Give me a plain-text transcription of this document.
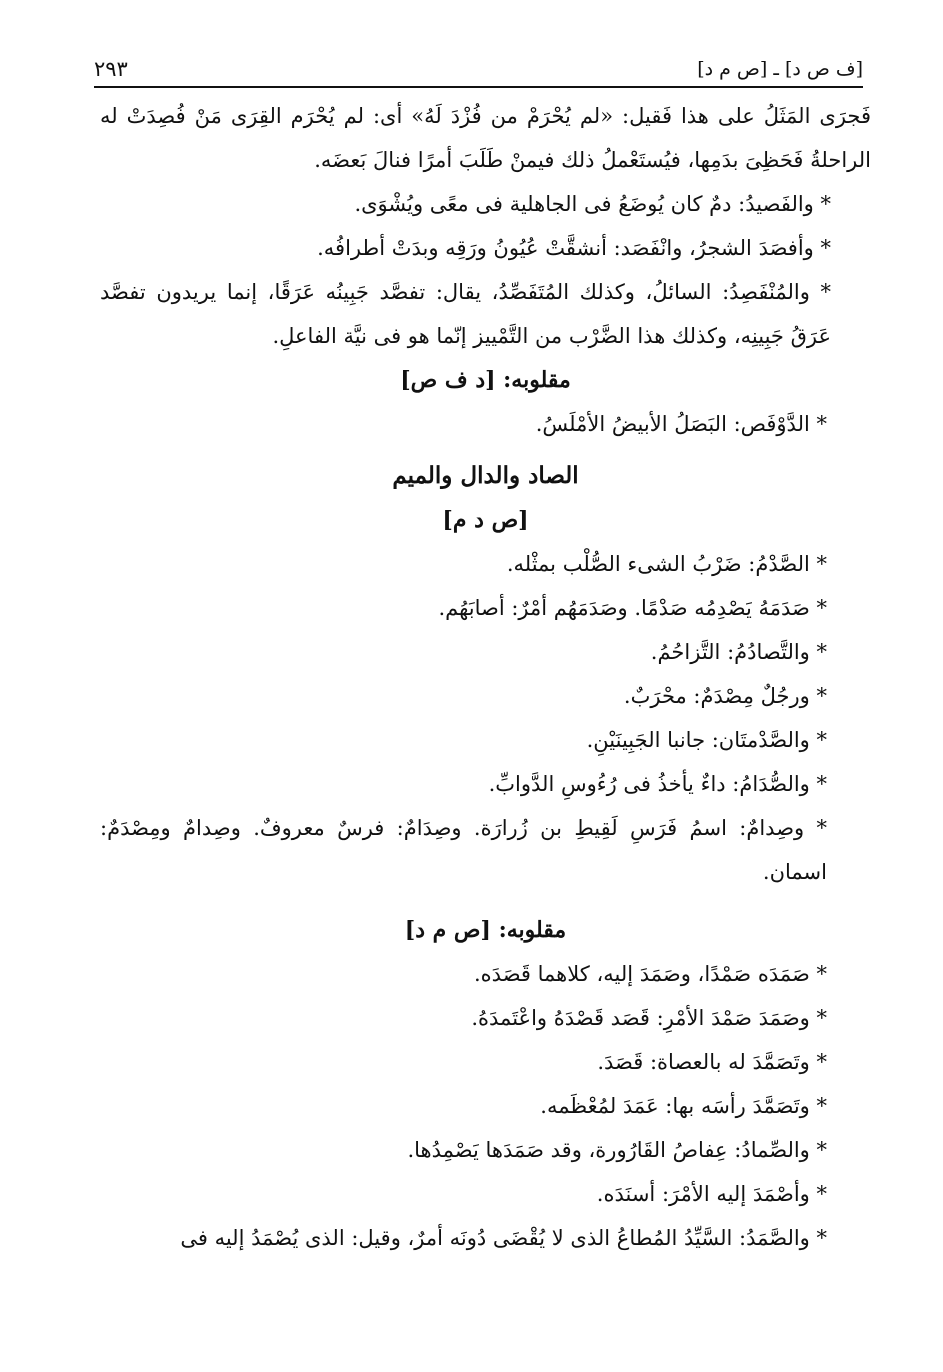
[ف ص د] ـ [ص م د]
٢٩٣

فَجرَى المَثَلُ على هذا فَقيل: «لم يُحْرَمْ من فُزْدَ لَهُ» أى: لم يُحْرَم القِرَى مَنْ فُصِدَتْ له الراحلةُ فَحَظِىَ بدَمِها، فيُستَعْملُ ذلك فيمنْ طَلَبَ أمرًا فنالَ بَعضَه.

* والفَصيدُ: دمٌ كان يُوضَعُ فى الجاهلية فى معًى ويُشْوَى.

* وأفصَدَ الشجرُ، وانْفَصَد: أنشقَّتْ عُيُونُ ورَقِه وبدَتْ أطرافُه.

* والمُنْفَصِدُ: السائلُ، وكذلك المُتَفَصِّدُ، يقال: تفصَّد جَبِينُه عَرَقًا، إنما يريدون تفصَّد عَرَقُ جَبِينِه، وكذلك هذا الضَّرْب من التَّمْييز إنّما هو فى نيَّة الفاعلِ.

مقلوبه: [د ف ص]

* الدَّوْفَص: البَصَلُ الأبيضُ الأمْلَسُ.

الصاد والدال والميم

[ص د م]

* الصَّدْمُ: ضَرْبُ الشىء الصُّلْب بمثْله.

* صَدَمَهُ يَصْدِمُه صَدْمًا. وصَدَمَهُم أمْرٌ: أصابَهُم.

* والتَّصادُمُ: التَّزاحُمُ.

* ورجُلٌ مِصْدَمٌ: محْرَبٌ.

* والصَّدْمتَان: جانبا الجَبِينَيْنِ.

* والصُّدَامُ: داءٌ يأخذُ فى رُءُوسِ الدَّوابِّ.

* وصِدامٌ: اسمُ فَرَسِ لَقِيطِ بن زُرارَة. وصِدَامٌ: فرسٌ معروفٌ. وصِدامٌ ومِصْدَمٌ: اسمان.

مقلوبه: [ص م د]

* صَمَدَه صَمْدًا، وصَمَدَ إليه، كلاهما قَصَدَه.

* وصَمَدَ صَمْدَ الأمْرِ: قَصَد قَصْدَهُ واعْتَمدَهُ.

* وتَصَمَّدَ له بالعصاة: قَصَدَ.

* وتَصَمَّدَ رأسَه بها: عَمَدَ لمُعْظَمه.

* والصِّمادُ: عِفاصُ القَارُورة، وقد صَمَدَها يَصْمِدُها.

* وأصْمَدَ إليه الأمْرَ: أسنَدَه.

* والصَّمَدُ: السَّيِّدُ المُطاعُ الذى لا يُقْضَى دُونَه أمرٌ، وقيل: الذى يُصْمَدُ إليه فى
